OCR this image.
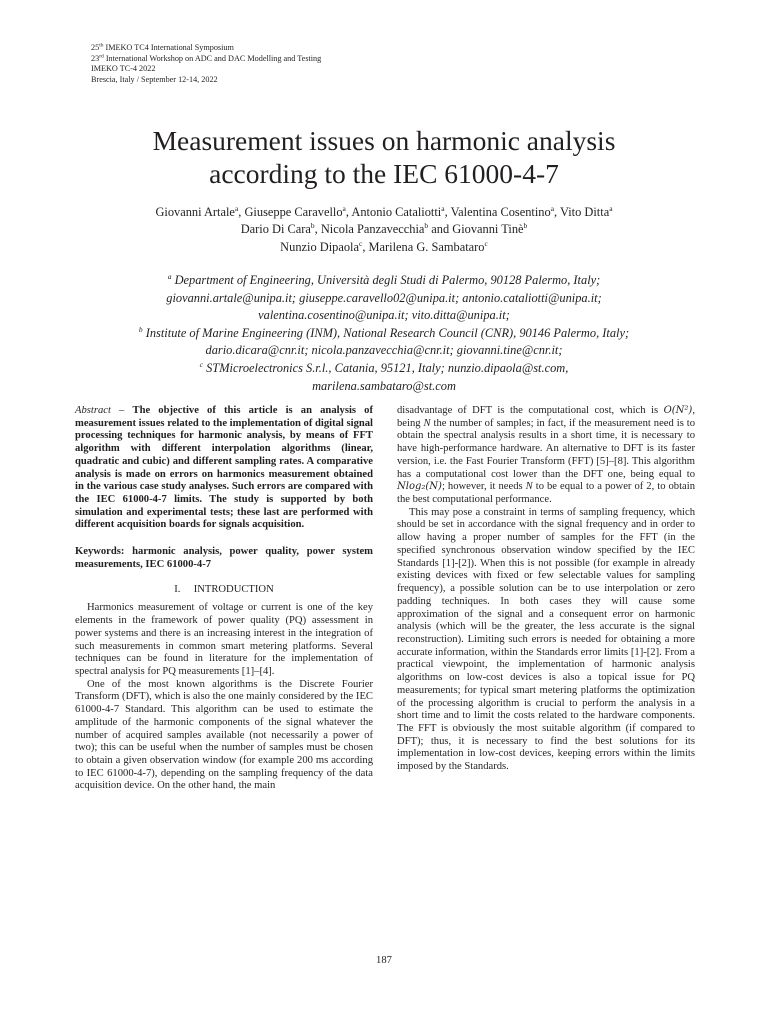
25th IMEKO TC4 International Symposium
23rd International Workshop on ADC and DAC Modelling and Testing
IMEKO TC-4 2022
Brescia, Italy / September 12-14, 2022
Measurement issues on harmonic analysis
according to the IEC 61000-4-7
Giovanni Artale$^a$, Giuseppe Caravello$^a$, Antonio Cataliotti$^a$, Valentina Cosentino$^a$, Vito Ditta$^a$
Dario Di Cara$^b$, Nicola Panzavecchia$^b$ and Giovanni Tinè$^b$
Nunzio Dipaola$^c$, Marilena G. Sambataro$^c$
$^a$ Department of Engineering, Università degli Studi di Palermo, 90128 Palermo, Italy;
giovanni.artale@unipa.it; giuseppe.caravello02@unipa.it; antonio.cataliotti@unipa.it;
valentina.cosentino@unipa.it; vito.ditta@unipa.it;
$^b$ Institute of Marine Engineering (INM), National Research Council (CNR), 90146 Palermo, Italy;
dario.dicara@cnr.it; nicola.panzavecchia@cnr.it; giovanni.tine@cnr.it;
$^c$ STMicroelectronics S.r.l., Catania, 95121, Italy; nunzio.dipaola@st.com,
marilena.sambataro@st.com

Abstract – The objective of this article is an analysis of measurement issues related to the implementation of digital signal processing techniques for harmonic analysis, by means of FFT algorithm with different interpolation algorithms (linear, quadratic and cubic) and different sampling rates. A comparative analysis is made on errors on harmonics measurement obtained in the various case study analyses. Such errors are compared with the IEC 61000-4-7 limits. The study is supported by both simulation and experimental tests; these last are performed with different acquisition boards for signals acquisition.

Keywords: harmonic analysis, power quality, power system measurements, IEC 61000-4-7

I. INTRODUCTION

Harmonics measurement of voltage or current is one of the key elements in the framework of power quality (PQ) assessment in power systems and there is an increasing interest in the integration of such measurements in common smart metering platforms. Several techniques can be found in literature for the implementation of spectral analysis for PQ measurements [1]–[4].

One of the most known algorithms is the Discrete Fourier Transform (DFT), which is also the one mainly considered by the IEC 61000-4-7 Standard. This algorithm can be used to estimate the amplitude of the harmonic components of the signal whatever the number of acquired samples available (not necessarily a power of two); this can be useful when the number of samples must be chosen to obtain a given observation window (for example 200 ms according to IEC 61000-4-7), depending on the sampling frequency of the data acquisition device. On the other hand, the main

disadvantage of DFT is the computational cost, which is O(N²), being N the number of samples; in fact, if the measurement need is to obtain the spectral analysis results in a short time, it is necessary to have high-performance hardware. An alternative to DFT is its faster version, i.e. the Fast Fourier Transform (FFT) [5]–[8]. This algorithm has a computational cost lower than the DFT one, being equal to Nlog₂(N); however, it needs N to be equal to a power of 2, to obtain the best computational performance.

This may pose a constraint in terms of sampling frequency, which should be set in accordance with the signal frequency and in order to allow having a proper number of samples for the FFT (in the specified synchronous observation window specified by the IEC Standards [1]-[2]). When this is not possible (for example in already existing devices with fixed or few selectable values for sampling frequency), a possible solution can be to use interpolation or zero padding techniques. In both cases they will cause some approximation of the signal and a consequent error on harmonic analysis (which will be the greater, the less accurate is the signal reconstruction). Limiting such errors is needed for obtaining a more accurate information, within the Standards error limits [1]-[2]. From a practical viewpoint, the implementation of harmonic analysis algorithms on low-cost devices is also a topical issue for PQ measurements; for typical smart metering platforms the optimization of the processing algorithm is crucial to perform the analysis in a short time and to limit the costs related to the hardware components. The FFT is obviously the most suitable algorithm (if compared to DFT); thus, it is necessary to find the best solutions for its implementation in low-cost devices, keeping errors within the limits imposed by the Standards.

187
